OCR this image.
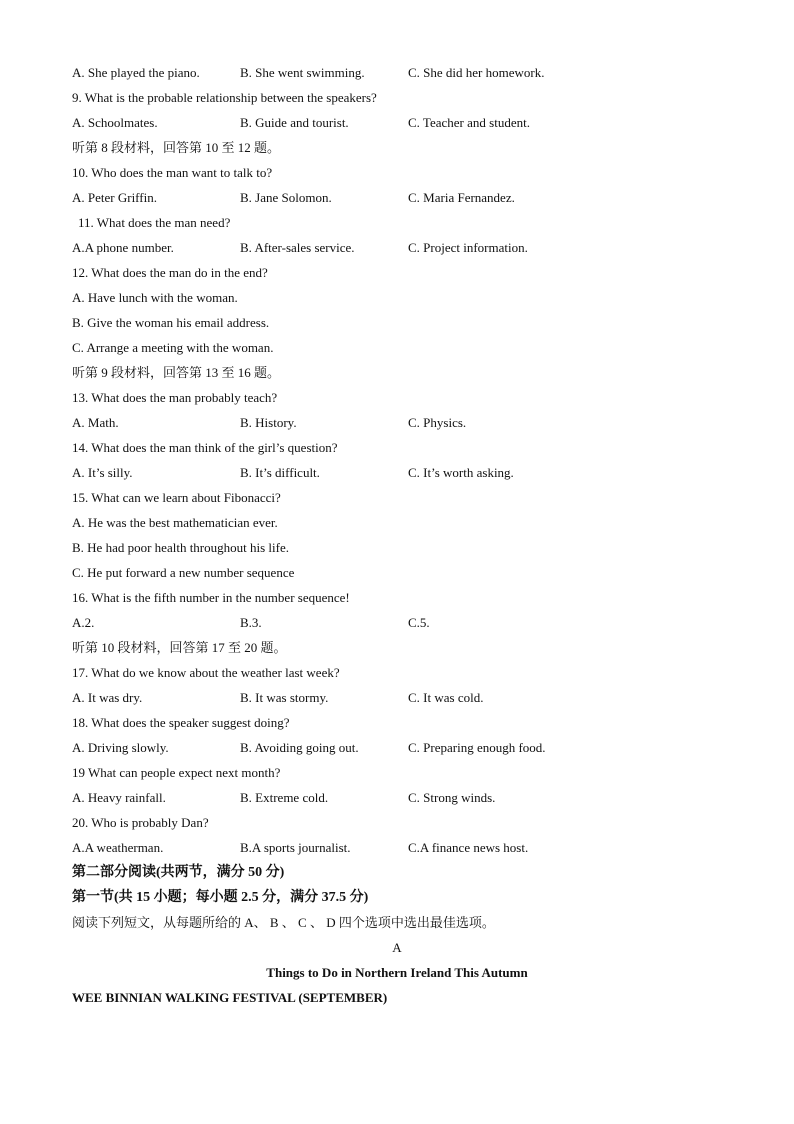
A. She played the piano.	B. She went swimming.	C. She did her homework.
9. What is the probable relationship between the speakers?
A. Schoolmates.	B. Guide and tourist.	C. Teacher and student.
听第 8 段材料，回答第 10 至 12 题。
10. Who does the man want to talk to?
A. Peter Griffin.	B. Jane Solomon.	C. Maria Fernandez.
11. What does the man need?
A.A phone number.	B. After-sales service.	C. Project information.
12. What does the man do in the end?
A. Have lunch with the woman.
B. Give the woman his email address.
C. Arrange a meeting with the woman.
听第 9 段材料，回答第 13 至 16 题。
13. What does the man probably teach?
A. Math.	B. History.	C. Physics.
14. What does the man think of the girl’s question?
A. It’s silly.	B. It’s difficult.	C. It’s worth asking.
15. What can we learn about Fibonacci?
A. He was the best mathematician ever.
B. He had poor health throughout his life.
C. He put forward a new number sequence
16. What is the fifth number in the number sequence!
A.2.	B.3.	C.5.
听第 10 段材料，回答第 17 至 20 题。
17. What do we know about the weather last week?
A. It was dry.	B. It was stormy.	C. It was cold.
18. What does the speaker suggest doing?
A. Driving slowly.	B. Avoiding going out.	C. Preparing enough food.
19 What can people expect next month?
A. Heavy rainfall.	B. Extreme cold.	C. Strong winds.
20. Who is probably Dan?
A.A weatherman.	B.A sports journalist.	C.A finance news host.
第二部分阅读(共两节，满分 50 分)
第一节(共 15 小题；每小题 2.5 分，满分 37.5 分)
阅读下列短文，从每题所给的 A、 B 、 C 、 D 四个选项中选出最佳选项。
A
Things to Do in Northern Ireland This Autumn
WEE BINNIAN WALKING FESTIVAL (SEPTEMBER)
